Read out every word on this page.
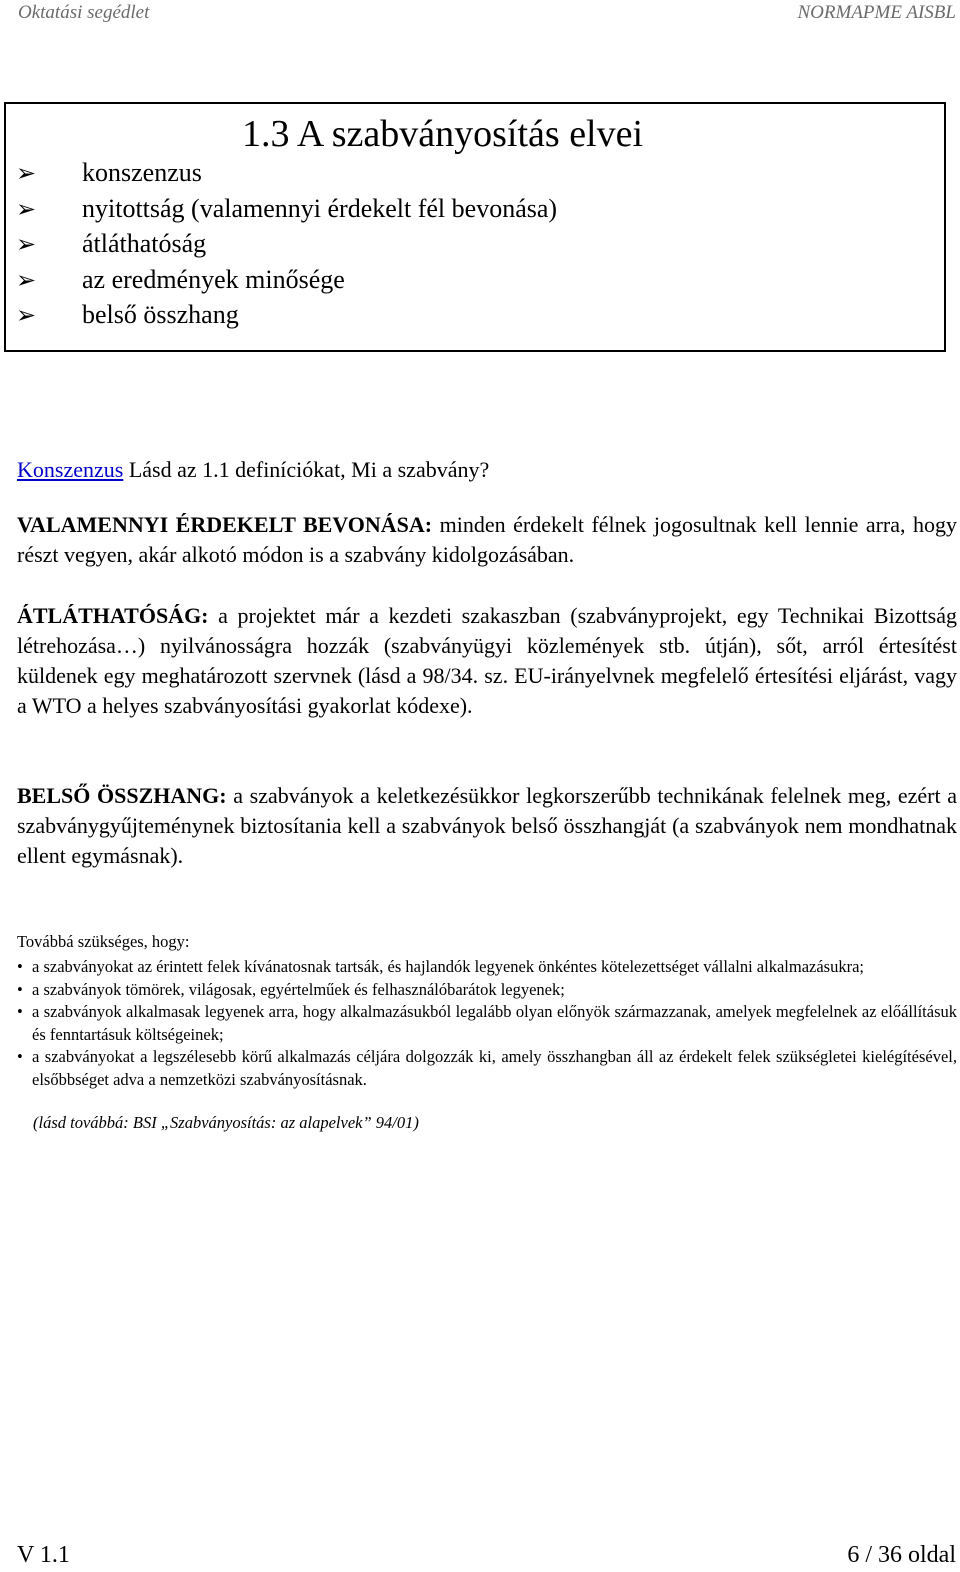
Oktatási segédlet	NORMAPME AISBL
1.3 A szabványosítás elvei
➢ konszenzus
➢ nyitottság (valamennyi érdekelt fél bevonása)
➢ átláthatóság
➢ az eredmények minősége
➢ belső összhang

Konszenzus Lásd az 1.1 definíciókat, Mi a szabvány?

VALAMENNYI ÉRDEKELT BEVONÁSA: minden érdekelt félnek jogosultnak kell lennie arra, hogy részt vegyen, akár alkotó módon is a szabvány kidolgozásában.

ÁTLÁTHATÓSÁG: a projektet már a kezdeti szakaszban (szabványprojekt, egy Technikai Bizottság létrehozása…) nyilvánosságra hozzák (szabványügyi közlemények stb. útján), sőt, arról értesítést küldenek egy meghatározott szervnek (lásd a 98/34. sz. EU-irányelvnek megfelelő értesítési eljárást, vagy a WTO a helyes szabványosítási gyakorlat kódexe).

BELSŐ ÖSSZHANG: a szabványok a keletkezésükkor legkorszerűbb technikának felelnek meg, ezért a szabványgyűjteménynek biztosítania kell a szabványok belső összhangját (a szabványok nem mondhatnak ellent egymásnak).

Továbbá szükséges, hogy:
• a szabványokat az érintett felek kívánatosnak tartsák, és hajlandók legyenek önkéntes kötelezettséget vállalni alkalmazásukra;
• a szabványok tömörek, világosak, egyértelműek és felhasználóbarátok legyenek;
• a szabványok alkalmasak legyenek arra, hogy alkalmazásukból legalább olyan előnyök származzanak, amelyek megfelelnek az előállításuk és fenntartásuk költségeinek;
• a szabványokat a legszélesebb körű alkalmazás céljára dolgozzák ki, amely összhangban áll az érdekelt felek szükségletei kielégítésével, elsőbbséget adva a nemzetközi szabványosításnak.
(lásd továbbá: BSI „Szabványosítás: az alapelvek” 94/01)
V 1.1	6 / 36 oldal
